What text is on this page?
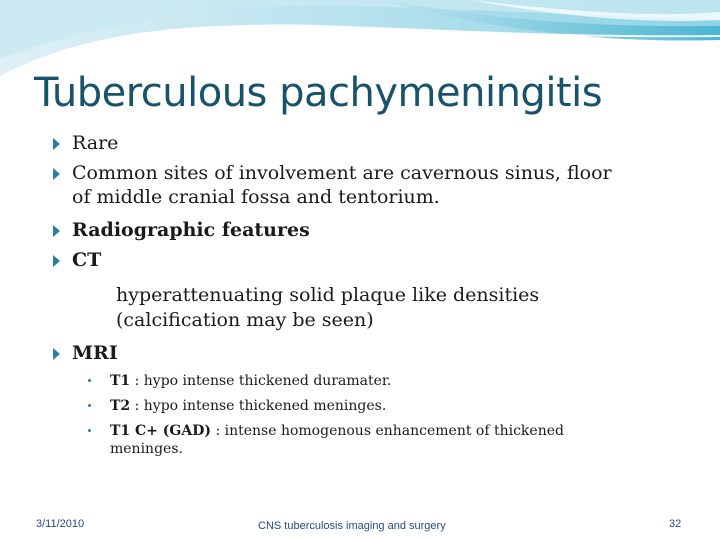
Tuberculous pachymeningitis
Rare
Common sites of involvement are cavernous sinus, floor
of middle cranial fossa and tentorium.
Radiographic features
CT
hyperattenuating solid plaque like densities
(calcification may be seen)
MRI
T1 : hypo intense thickened duramater.
T2 : hypo intense thickened meninges.
T1 C+ (GAD) : intense homogenous enhancement of thickened
meninges.
3/11/2010	CNS tuberculosis imaging and surgery	32
